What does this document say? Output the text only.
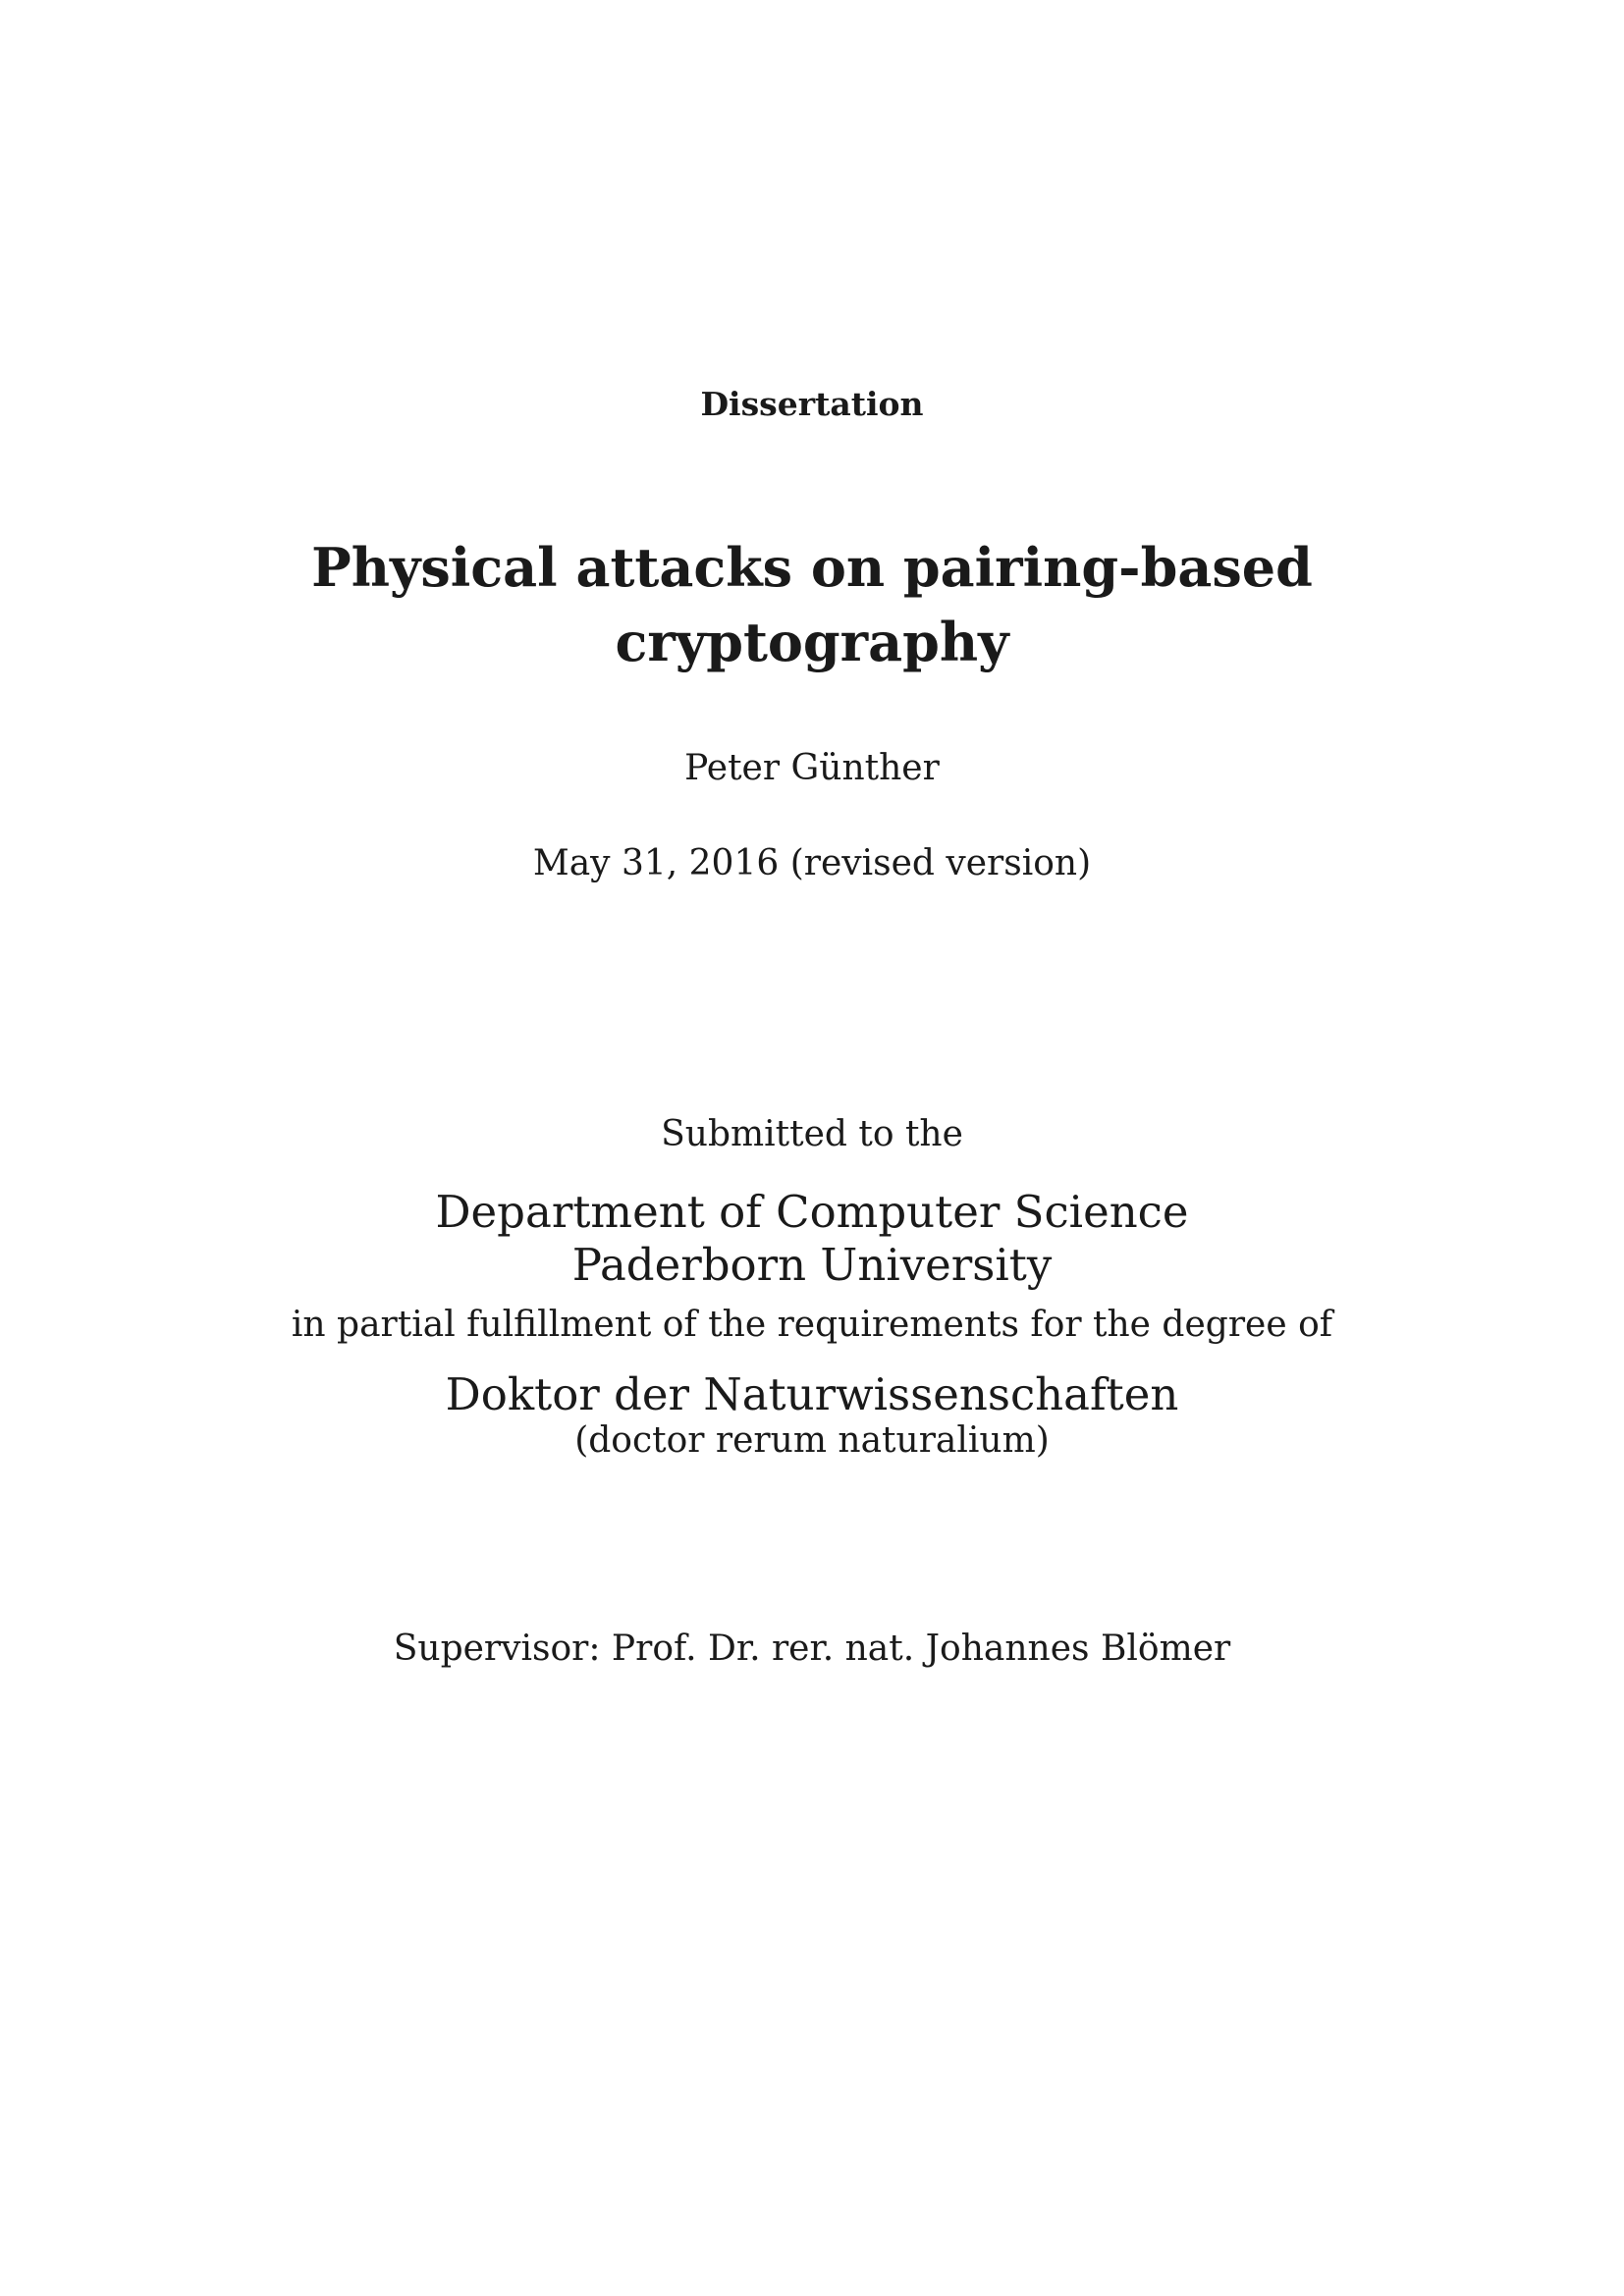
Dissertation
Physical attacks on pairing-based
cryptography
Peter Günther
May 31, 2016 (revised version)
Submitted to the
Department of Computer Science
Paderborn University
in partial fulfillment of the requirements for the degree of
Doktor der Naturwissenschaften
(doctor rerum naturalium)
Supervisor: Prof. Dr. rer. nat. Johannes Blömer
